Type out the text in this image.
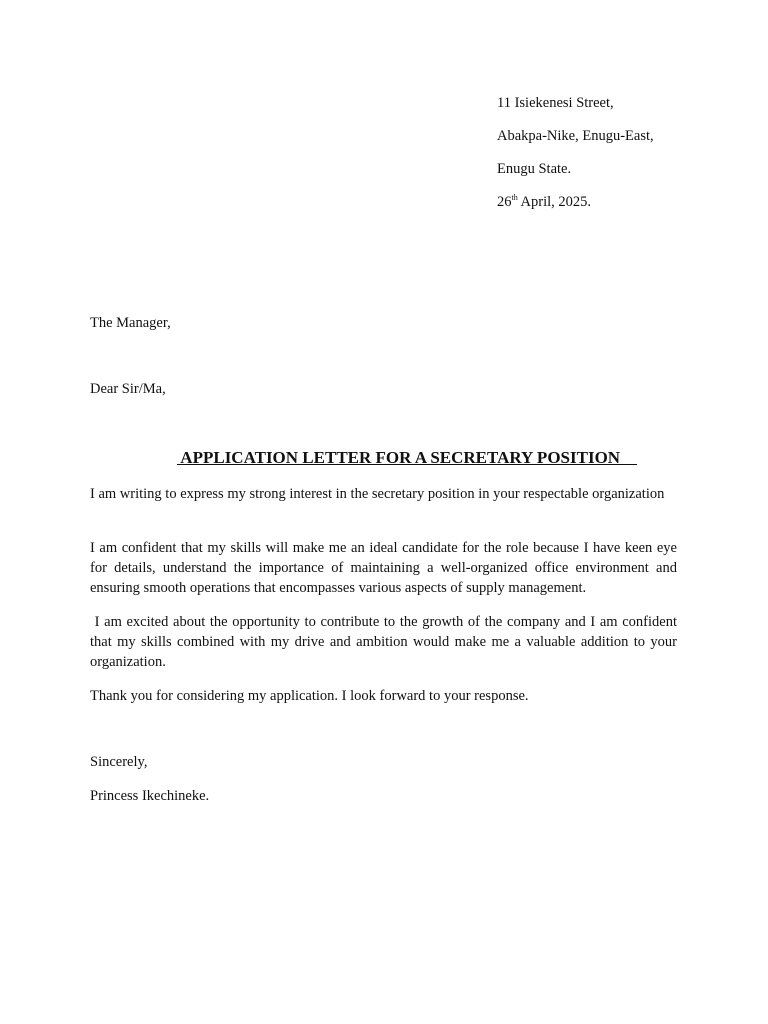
11 Isiekenesi Street,
Abakpa-Nike, Enugu-East,
Enugu State.
26th April, 2025.
The Manager,
Dear Sir/Ma,
APPLICATION LETTER FOR A SECRETARY POSITION

I am writing to express my strong interest in the secretary position in your respectable organization

I am confident that my skills will make me an ideal candidate for the role because I have keen eye for details, understand the importance of maintaining a well-organized office environment and ensuring smooth operations that encompasses various aspects of supply management.

I am excited about the opportunity to contribute to the growth of the company and I am confident that my skills combined with my drive and ambition would make me a valuable addition to your organization.

Thank you for considering my application. I look forward to your response.

Sincerely,
Princess Ikechineke.
